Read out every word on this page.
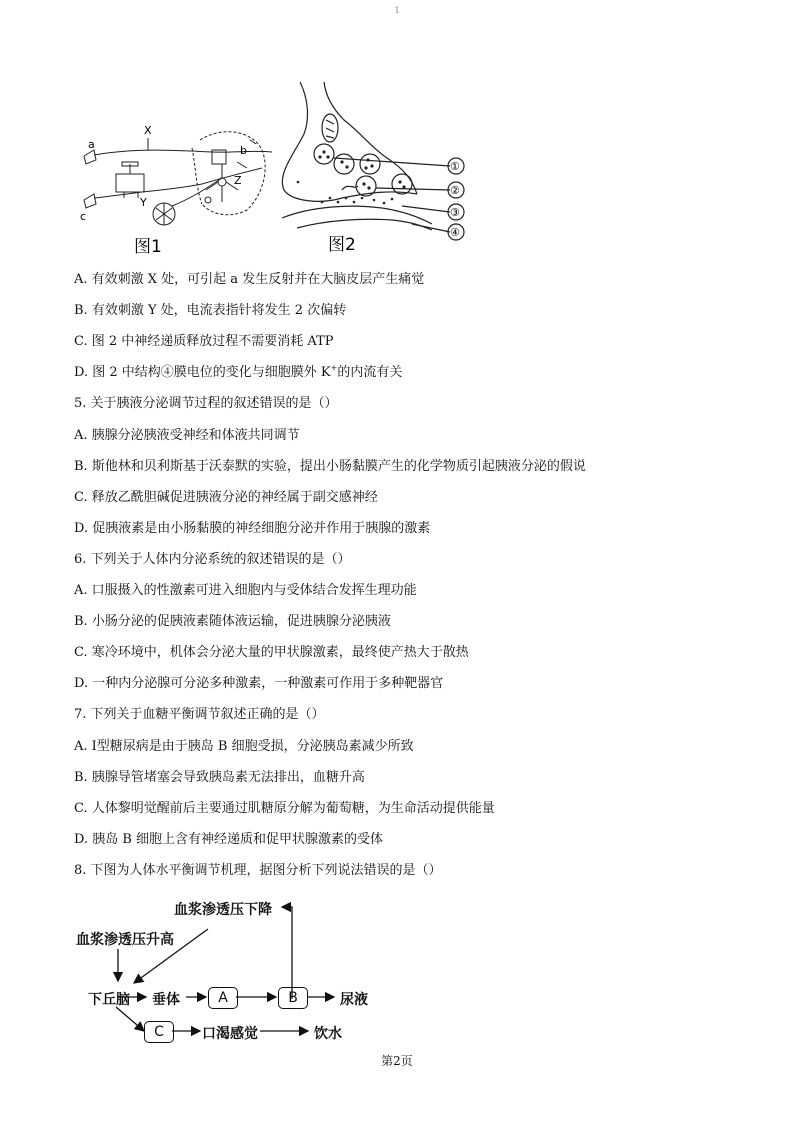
1
a
X
b
c
Y
Z
图1
①
②
③
④
图2
A. 有效刺激 X 处，可引起 a 发生反射并在大脑皮层产生痛觉
B. 有效刺激 Y 处，电流表指针将发生 2 次偏转
C. 图 2 中神经递质释放过程不需要消耗 ATP
D. 图 2 中结构④膜电位的变化与细胞膜外 K+的内流有关
5. 关于胰液分泌调节过程的叙述错误的是（）
A. 胰腺分泌胰液受神经和体液共同调节
B. 斯他林和贝利斯基于沃泰默的实验，提出小肠黏膜产生的化学物质引起胰液分泌的假说
C. 释放乙酰胆碱促进胰液分泌的神经属于副交感神经
D. 促胰液素是由小肠黏膜的神经细胞分泌并作用于胰腺的激素
6. 下列关于人体内分泌系统的叙述错误的是（）
A. 口服摄入的性激素可进入细胞内与受体结合发挥生理功能
B. 小肠分泌的促胰液素随体液运输，促进胰腺分泌胰液
C. 寒冷环境中，机体会分泌大量的甲状腺激素，最终使产热大于散热
D. 一种内分泌腺可分泌多种激素，一种激素可作用于多种靶器官
7. 下列关于血糖平衡调节叙述正确的是（）
A. Ⅰ型糖尿病是由于胰岛 B 细胞受损，分泌胰岛素减少所致
B. 胰腺导管堵塞会导致胰岛素无法排出，血糖升高
C. 人体黎明觉醒前后主要通过肌糖原分解为葡萄糖，为生命活动提供能量
D. 胰岛 B 细胞上含有神经递质和促甲状腺激素的受体
8. 下图为人体水平衡调节机理，据图分析下列说法错误的是（）
血浆渗透压下降
血浆渗透压升高
下丘脑 垂体	A	B	尿液
C	口渴感觉	饮水
第2页
